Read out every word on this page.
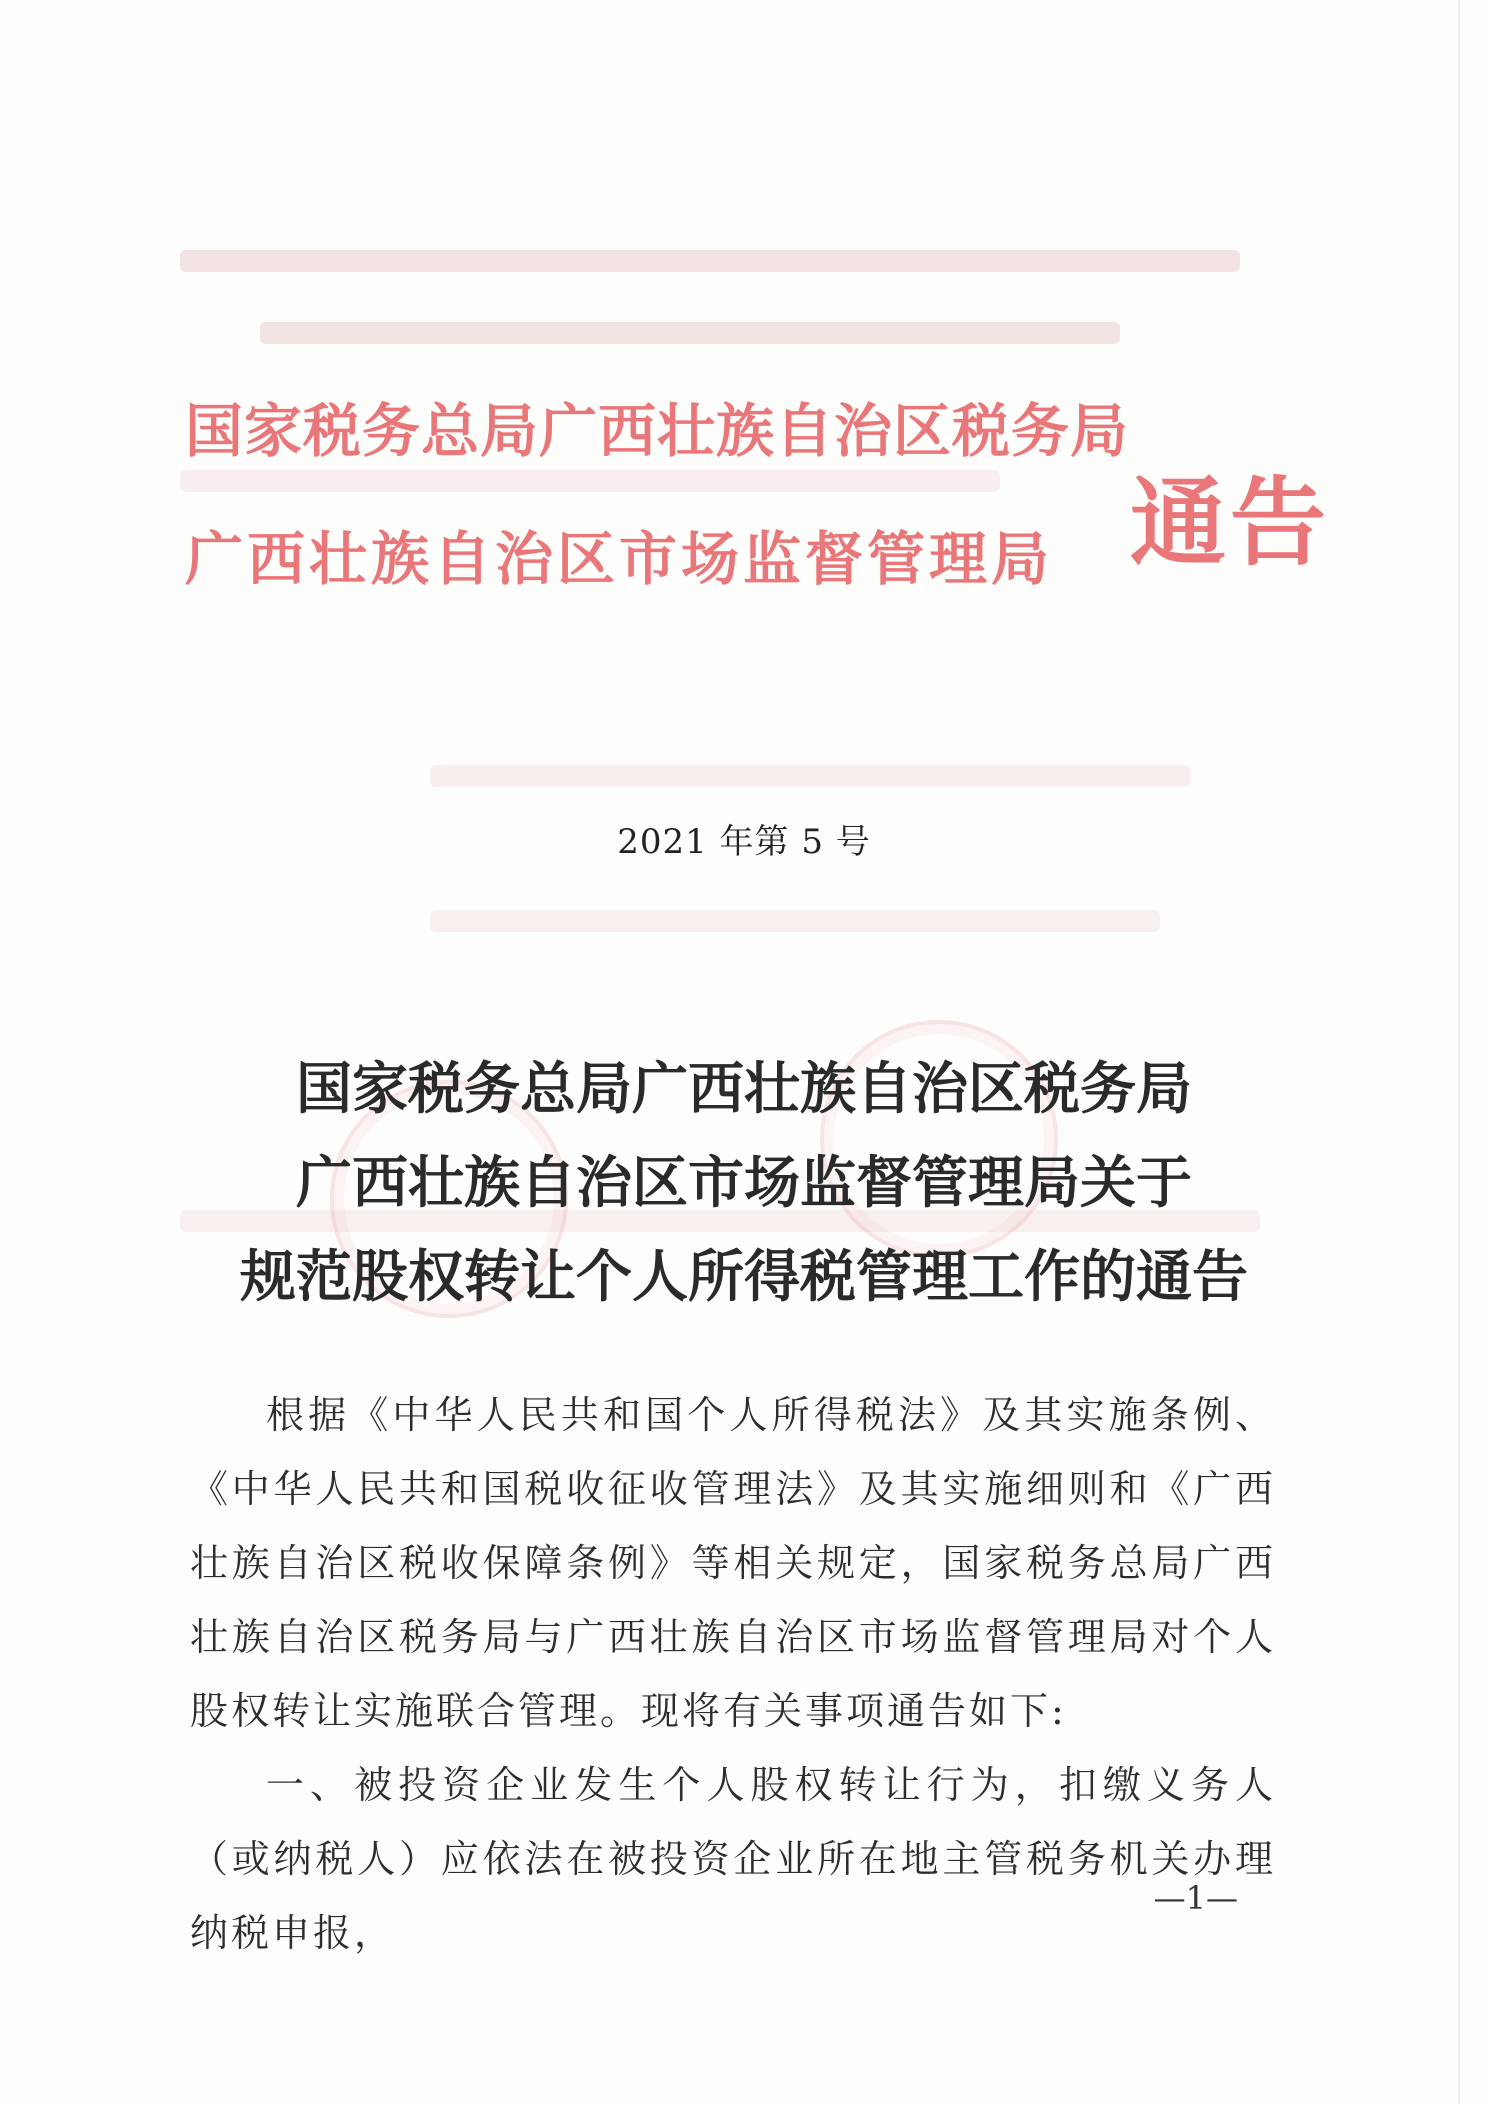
国家税务总局广西壮族自治区税务局
广西壮族自治区市场监督管理局 通告
2021 年第 5 号
国家税务总局广西壮族自治区税务局
广西壮族自治区市场监督管理局关于
规范股权转让个人所得税管理工作的通告

根据《中华人民共和国个人所得税法》及其实施条例、《中华人民共和国税收征收管理法》及其实施细则和《广西壮族自治区税收保障条例》等相关规定，国家税务总局广西壮族自治区税务局与广西壮族自治区市场监督管理局对个人股权转让实施联合管理。现将有关事项通告如下:

一、被投资企业发生个人股权转让行为，扣缴义务人（或纳税人）应依法在被投资企业所在地主管税务机关办理纳税申报，

—1—
